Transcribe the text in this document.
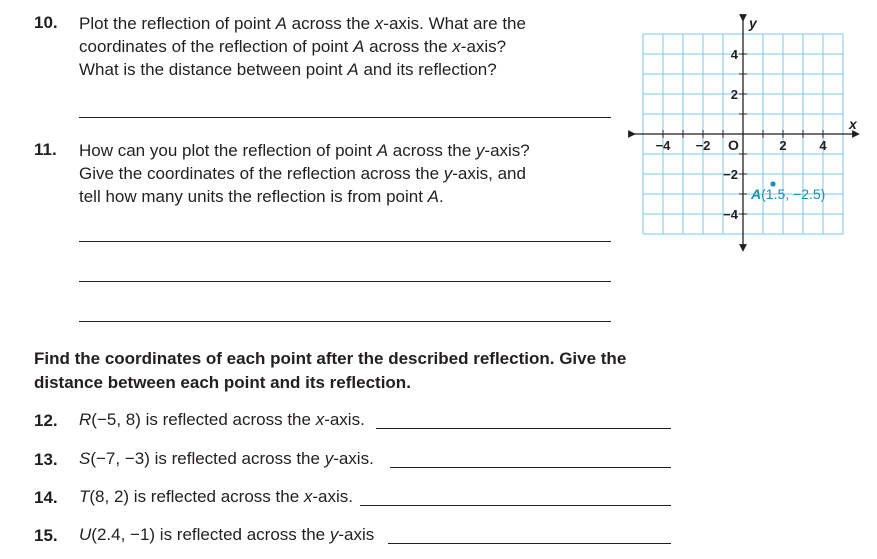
10. Plot the reflection of point A across the x-axis. What are the
coordinates of the reflection of point A across the x-axis?
What is the distance between point A and its reflection?
11. How can you plot the reflection of point A across the y-axis?
Give the coordinates of the reflection across the y-axis, and
tell how many units the reflection is from point A.
x
y
O
−4 −2	2	4
4
2
−2
−4
A(1.5, −2.5)
Find the coordinates of each point after the described reflection. Give the distance between each point and its reflection.
12. R(−5, 8) is reflected across the x-axis.
13. S(−7, −3) is reflected across the y-axis.
14. T(8, 2) is reflected across the x-axis.
15. U(2.4, −1) is reflected across the y-axis
